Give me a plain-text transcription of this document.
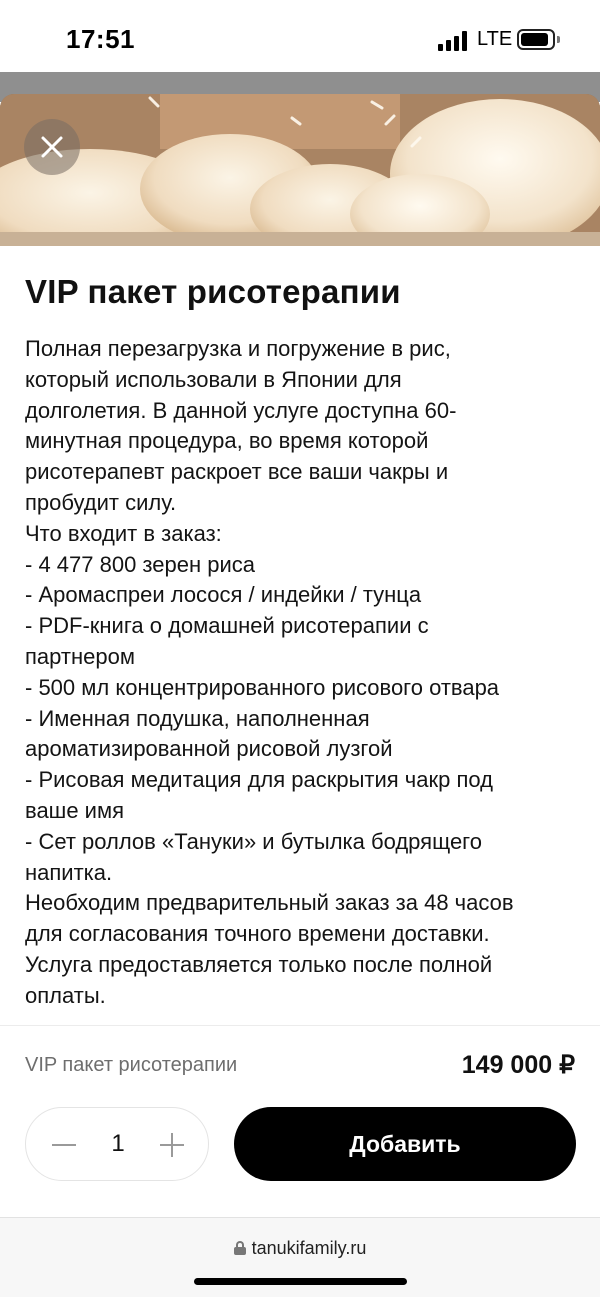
17:51	LTE
VIP пакет рисотерапии
Полная перезагрузка и погружение в рис,
который использовали в Японии для
долголетия. В данной услуге доступна 60-
минутная процедура, во время которой
рисотерапевт раскроет все ваши чакры и
пробудит силу.
Что входит в заказ:
- 4 477 800 зерен риса
- Аромаспреи лосося / индейки / тунца
- PDF-книга о домашней рисотерапии с
партнером
- 500 мл концентрированного рисового отвара
- Именная подушка, наполненная
ароматизированной рисовой лузгой
- Рисовая медитация для раскрытия чакр под
ваше имя
- Сет роллов «Тануки» и бутылка бодрящего
напитка.
Необходим предварительный заказ за 48 часов
для согласования точного времени доставки.
Услуга предоставляется только после полной
оплаты.
VIP пакет рисотерапии	149 000 ₽
1	Добавить
tanukifamily.ru
